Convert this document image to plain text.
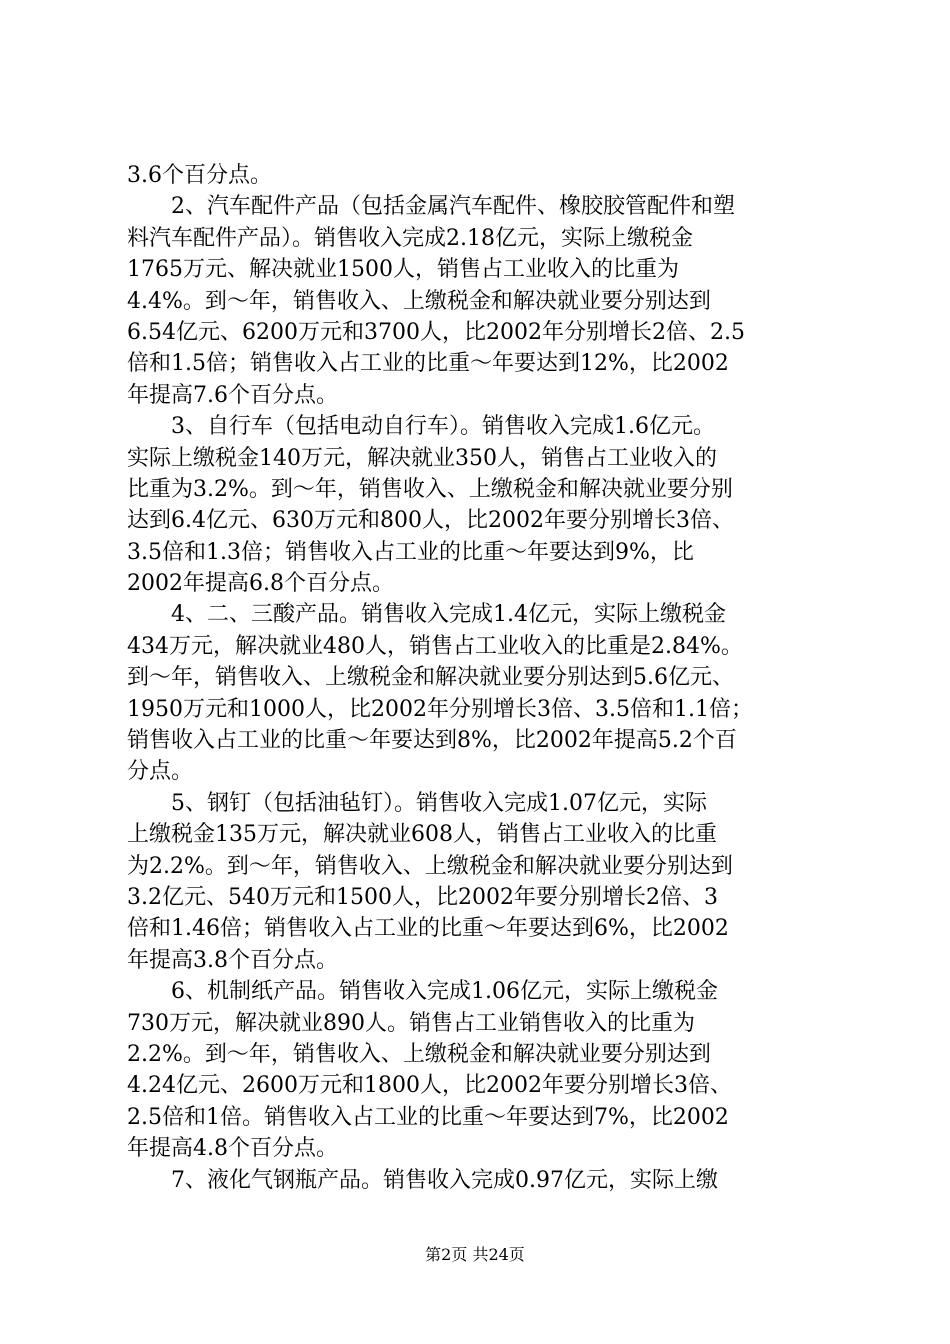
3.6个百分点。
2、汽车配件产品（包括金属汽车配件、橡胶胶管配件和塑
料汽车配件产品）。销售收入完成2.18亿元，实际上缴税金
1765万元、解决就业1500人，销售占工业收入的比重为
4.4%。到～年，销售收入、上缴税金和解决就业要分别达到
6.54亿元、6200万元和3700人，比2002年分别增长2倍、2.5
倍和1.5倍；销售收入占工业的比重～年要达到12%，比2002
年提高7.6个百分点。
3、自行车（包括电动自行车）。销售收入完成1.6亿元。
实际上缴税金140万元，解决就业350人，销售占工业收入的
比重为3.2%。到～年，销售收入、上缴税金和解决就业要分别
达到6.4亿元、630万元和800人，比2002年要分别增长3倍、
3.5倍和1.3倍；销售收入占工业的比重～年要达到9%，比
2002年提高6.8个百分点。
4、二、三酸产品。销售收入完成1.4亿元，实际上缴税金
434万元，解决就业480人，销售占工业收入的比重是2.84%。
到～年，销售收入、上缴税金和解决就业要分别达到5.6亿元、
1950万元和1000人，比2002年分别增长3倍、3.5倍和1.1倍；
销售收入占工业的比重～年要达到8%，比2002年提高5.2个百
分点。
5、钢钉（包括油毡钉）。销售收入完成1.07亿元，实际
上缴税金135万元，解决就业608人，销售占工业收入的比重
为2.2%。到～年，销售收入、上缴税金和解决就业要分别达到
3.2亿元、540万元和1500人，比2002年要分别增长2倍、3
倍和1.46倍；销售收入占工业的比重～年要达到6%，比2002
年提高3.8个百分点。
6、机制纸产品。销售收入完成1.06亿元，实际上缴税金
730万元，解决就业890人。销售占工业销售收入的比重为
2.2%。到～年，销售收入、上缴税金和解决就业要分别达到
4.24亿元、2600万元和1800人，比2002年要分别增长3倍、
2.5倍和1倍。销售收入占工业的比重～年要达到7%，比2002
年提高4.8个百分点。
7、液化气钢瓶产品。销售收入完成0.97亿元，实际上缴
第2页 共24页
